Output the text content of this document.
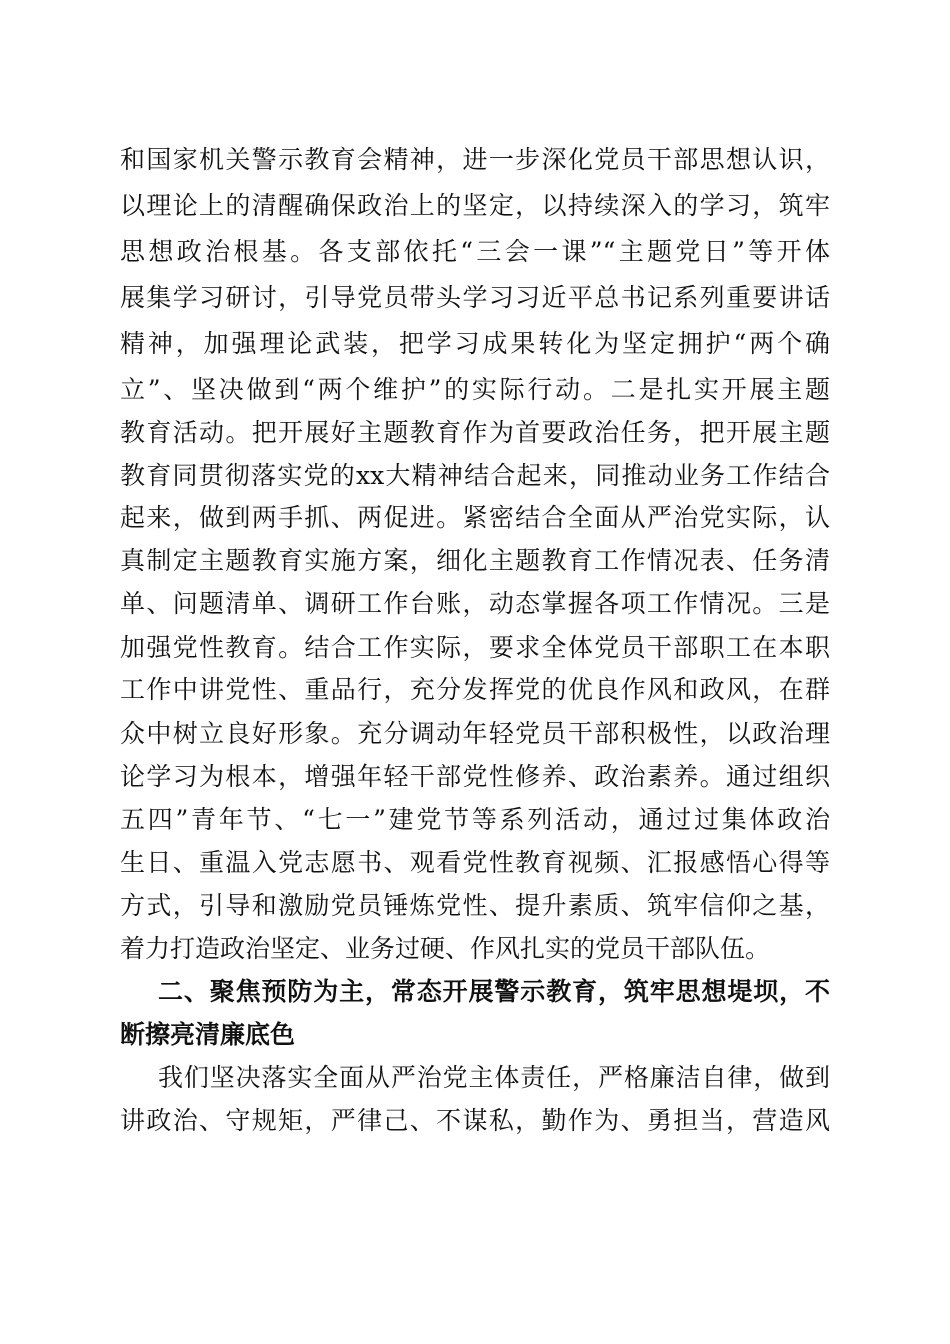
和国家机关警示教育会精神，进一步深化党员干部思想认识，
以理论上的清醒确保政治上的坚定，以持续深入的学习，筑牢
思想政治根基。各支部依托“三会一课”“主题党日”等开体
展集学习研讨，引导党员带头学习习近平总书记系列重要讲话
精神，加强理论武装，把学习成果转化为坚定拥护“两个确
立”、坚决做到“两个维护”的实际行动。二是扎实开展主题
教育活动。把开展好主题教育作为首要政治任务，把开展主题
教育同贯彻落实党的xx大精神结合起来，同推动业务工作结合
起来，做到两手抓、两促进。紧密结合全面从严治党实际，认
真制定主题教育实施方案，细化主题教育工作情况表、任务清
单、问题清单、调研工作台账，动态掌握各项工作情况。三是
加强党性教育。结合工作实际，要求全体党员干部职工在本职
工作中讲党性、重品行，充分发挥党的优良作风和政风，在群
众中树立良好形象。充分调动年轻党员干部积极性，以政治理
论学习为根本，增强年轻干部党性修养、政治素养。通过组织
五四”青年节、“七一”建党节等系列活动，通过过集体政治
生日、重温入党志愿书、观看党性教育视频、汇报感悟心得等
方式，引导和激励党员锤炼党性、提升素质、筑牢信仰之基，
着力打造政治坚定、业务过硬、作风扎实的党员干部队伍。
二、聚焦预防为主，常态开展警示教育，筑牢思想堤坝，不
断擦亮清廉底色
我们坚决落实全面从严治党主体责任，严格廉洁自律，做到
讲政治、守规矩，严律己、不谋私，勤作为、勇担当，营造风
